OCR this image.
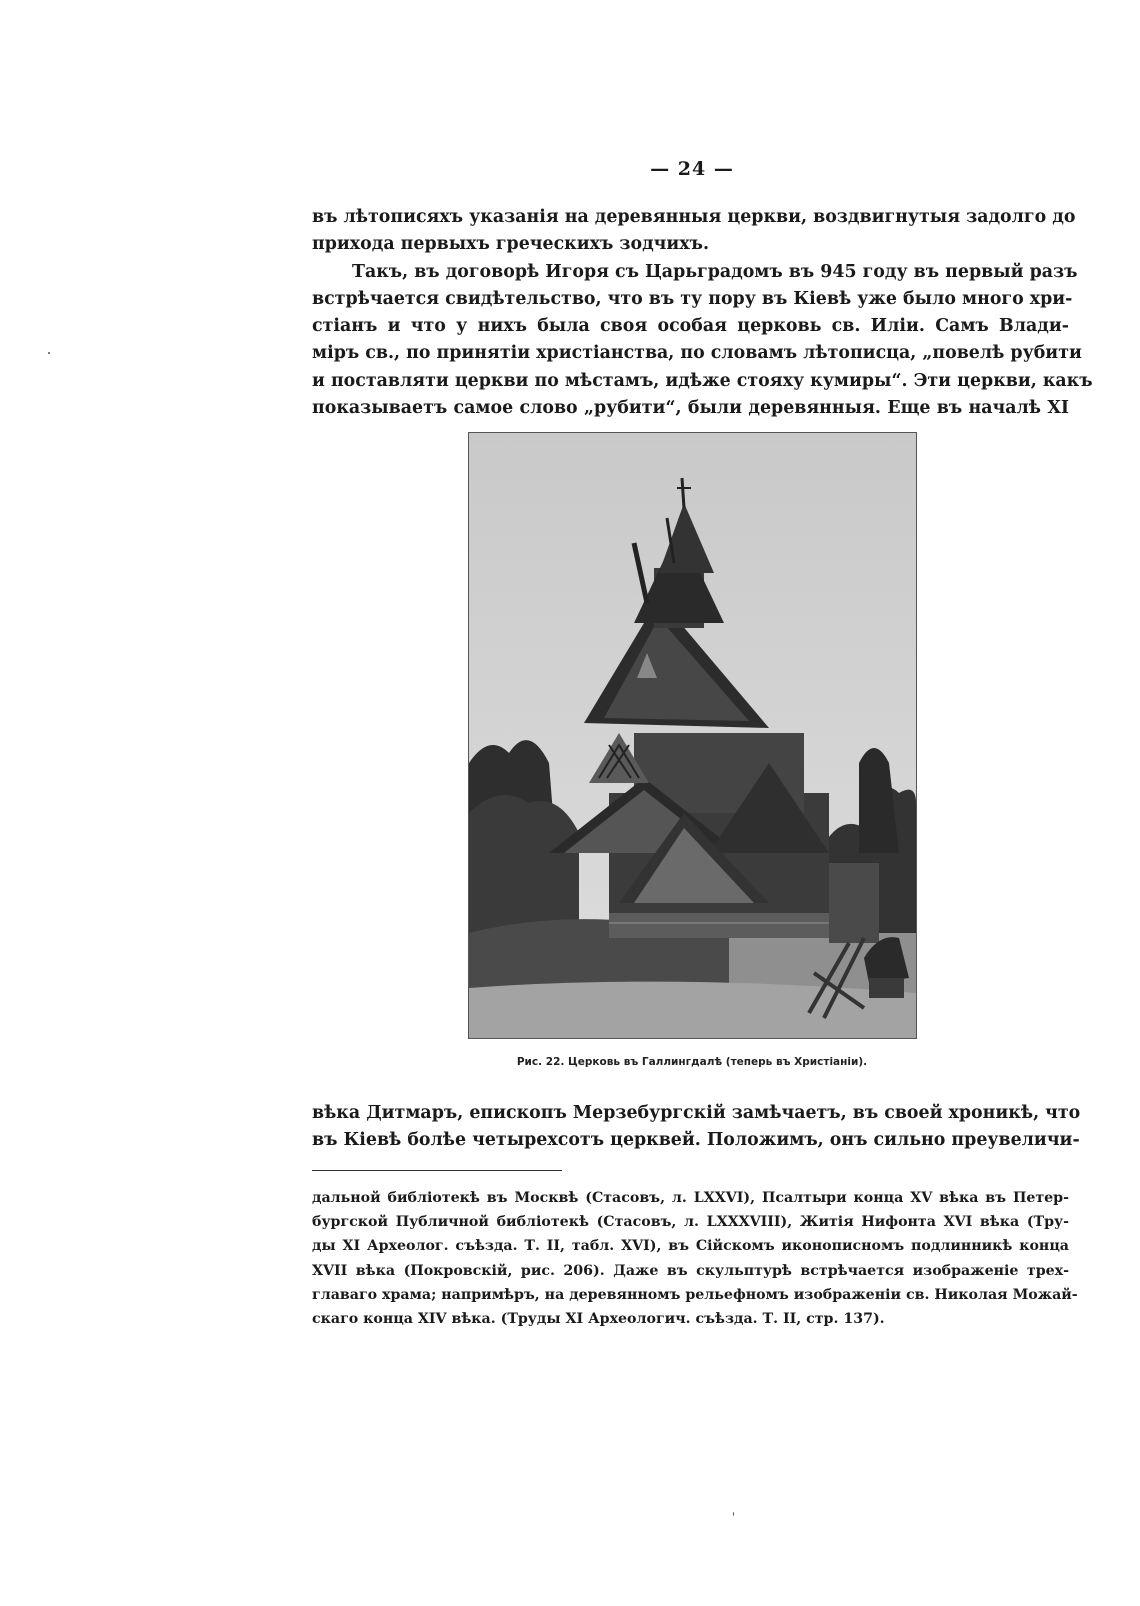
— 24 —
въ лѣтописяхъ указанія на деревянныя церкви, воздвигнутыя задолго до
прихода первыхъ греческихъ зодчихъ.
Такъ, въ договорѣ Игоря съ Царьградомъ въ 945 году въ первый разъ
встрѣчается свидѣтельство, что въ ту пору въ Кіевѣ уже было много хри-
стіанъ и что у нихъ была своя особая церковь св. Иліи. Самъ Влади-
міръ св., по принятіи христіанства, по словамъ лѣтописца, „повелѣ рубити
и поставляти церкви по мѣстамъ, идѣже стояху кумиры“. Эти церкви, какъ
показываетъ самое слово „рубити“, были деревянныя. Еще въ началѣ XI
Рис. 22. Церковь въ Галлингдалѣ (теперь въ Христіаніи).
вѣка Дитмаръ, епископъ Мерзебургскій замѣчаетъ, въ своей хроникѣ, что
въ Кіевѣ болѣе четырехсотъ церквей. Положимъ, онъ сильно преувеличи-
дальной библіотекѣ въ Москвѣ (Стасовъ, л. LXXVI), Псалтыри конца XV вѣка въ Петер-
бургской Публичной библіотекѣ (Стасовъ, л. LXXXVIII), Житія Нифонта XVI вѣка (Тру-
ды XI Археолог. съѣзда. Т. II, табл. XVI), въ Сійскомъ иконописномъ подлинникѣ конца
XVII вѣка (Покровскій, рис. 206). Даже въ скульптурѣ встрѣчается изображеніе трех-
главаго храма; напримѣръ, на деревянномъ рельефномъ изображеніи св. Николая Можай-
скаго конца XIV вѣка. (Труды XI Археологич. съѣзда. Т. II, стр. 137).
